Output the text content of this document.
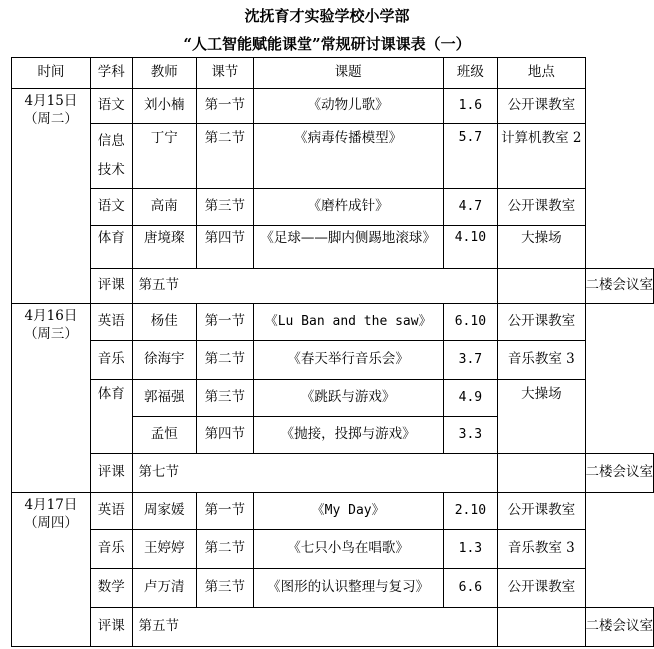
沈抚育才实验学校小学部
“人工智能赋能课堂”常规研讨课课表（一）
时间	学科	教师	课节	课题	班级	地点	

4月15日
（周二）	语文	刘小楠	第一节	《动物儿歌》	1.6	公开课教室	

	信息
技术	丁宁	第二节	《病毒传播模型》	5.7	计算机教室 2	
	语文	高南	第三节	《磨杵成针》	4.7	公开课教室	
	体育	唐境璨	第四节	《足球——脚内侧踢地滚球》	4.10	大操场	
	评课	第五节					二楼会议室

4月16日
（周三）	英语	杨佳	第一节	《Lu Ban and the saw》	6.10	公开课教室	
	音乐	徐海宇	第二节	《春天举行音乐会》	3.7	音乐教室 3	
	体育	郭福强	第三节	《跳跃与游戏》	4.9	大操场	
		孟恒	第四节	《抛接，投掷与游戏》	3.3		
	评课	第七节					二楼会议室

4月17日
（周四）	英语	周家媛	第一节	《My Day》	2.10	公开课教室	
	音乐	王婷婷	第二节	《七只小鸟在唱歌》	1.3	音乐教室 3	
	数学	卢万清	第三节	《图形的认识整理与复习》	6.6	公开课教室	
	评课	第五节					二楼会议室
